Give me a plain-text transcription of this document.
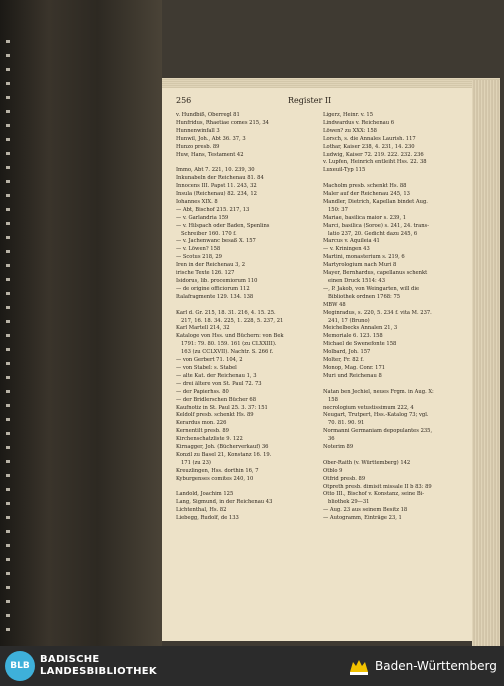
256	Register II
v. Hundbiß, Oberregl 81
Hunfridus, Rhaetiae comes 215, 34
Hunnenwinfall 3
Hunwil, Joh., Abt 36. 37, 3
Hunzo presb. 89
Huw, Hans, Testament 42
Immo, Abt 7. 221, 10. 239, 30
Inkunabeln der Reichenau 81. 84
Innocens III. Papst 11. 243, 32
Insula (Reichenau) 82. 234, 12
Iohannes XIX. 8
— Abt, Bischof 215. 217, 13
— v. Garlandria 159
— v. Hilspach oder Baden, Spenlins
Schreiber 160. 170 f.
— v. Jachenwanc besaß X. 157
— v. Löwen? 158
— Scotus 218, 29
Iren in der Reichenau 3, 2
irische Texte 126. 127
Isidorus, lib. procemiorum 110
— de origine officiorum 112
Italafragmente 129. 134. 138
Karl d. Gr. 215, 18. 31. 216, 4. 15. 25.
217, 16. 18. 34. 225, 1. 228, 5. 237, 21
Karl Martell 214, 32
Kataloge von Hss. und Büchern: von Bek
1791: 79. 80. 159. 161 (zu CLXXIII).
163 (zu CCLXVII). Nachtr. S. 266 f.
— von Gerbert 71. 104, 2
— von Stabel: s. Stabel
— alte Kat. der Reichenau 1, 3
— drei ältere von St. Paul 72. 73
— der Papierhss. 80
— der Bridlerschen Bücher 68
Kaufnotiz in St. Paul 25. 3. 37: 151
Keldolf presb. schenkt Hs. 89
Kerardus mon. 226
Kernentilt presb. 89
Kirchenschatzliste 9. 122
Kirnagger, Joh. (Bücherverkauf) 36
Konzil zu Basel 21, Konstanz 16. 19.
171 (zu 23)
Kreuzlingen, Hss. dorthin 16, 7
Kyburgenses comites 240, 10
Landold, Joachim 125
Lang, Sigmund, in der Reichenau 43
Lichtenthal, Hs. 82
Liebegg, Rudolf, de 133
Ligerz, Heinr. v. 15
Lindwardus v. Reichenau 6
Löwen? zu XXX: 158
Lorsch, s. die Annales Laurish. 117
Lothar, Kaiser 238, 4. 231, 14. 230
Ludwig, Kaiser 72. 219. 222. 232. 236
v. Lupfen, Heinrich entleiht Hss. 22. 38
Luxeuil-Typ 115
Macholm presb. schenkt Hs. 88
Maler auf der Reichenau 245, 13
Mandler, Dietrich, Kapellan bindet Aug.
150: 37
Mariae, basilica maior s. 239, 1
Marci, basilica (Soroe) s. 241, 24. trans-
latio 237, 20. Gedicht dazu 245, 6
Marcus v. Aquileia 41
— v. Kriningen 43
Martini, monasterium s. 219, 6
Martyrologium nach Muri 8
Mayer, Bernhardus, capellanus schenkt
einen Druck 1514: 43
—, P. Jakob, von Weingarten, will die
Bibliothek ordnen 1768: 75
MBW 48
Meginradus, s. 220, 5. 234 f. vita M. 237.
241, 17 (Bruno)
Meichelbecks Annalen 21, 3
Memoriale 6. 123. 158
Michael de Swenefonte 158
Molbard, Joh. 157
Molter, Fr. 82 f.
Monop, Mag. Conr. 171
Muri und Reichenau 8
Natan ben Jechiel, neues Frgm. in Aug. X:
158
necrologium vetustissimum 222, 4
Neugart, Trutpert, Hss.-Katalog 73; vgl.
70. 81. 90. 91
Normanni Germaniam depopulantes 235,
36
Noterim 89
Ober-Raith (v. Württemberg) 142
Otblo 9
Otfrid presb. 89
Otpreth presb. dimisit missale II b 83: 89
Otto III., Bischof v. Konstanz, seine Bi-
bliothek 29—31
— Aug. 23 aus seinem Besitz 18
— Autogramm, Einträge 23, 1
BLB
BADISCHE
LANDESBIBLIOTHEK	Baden-Württemberg
